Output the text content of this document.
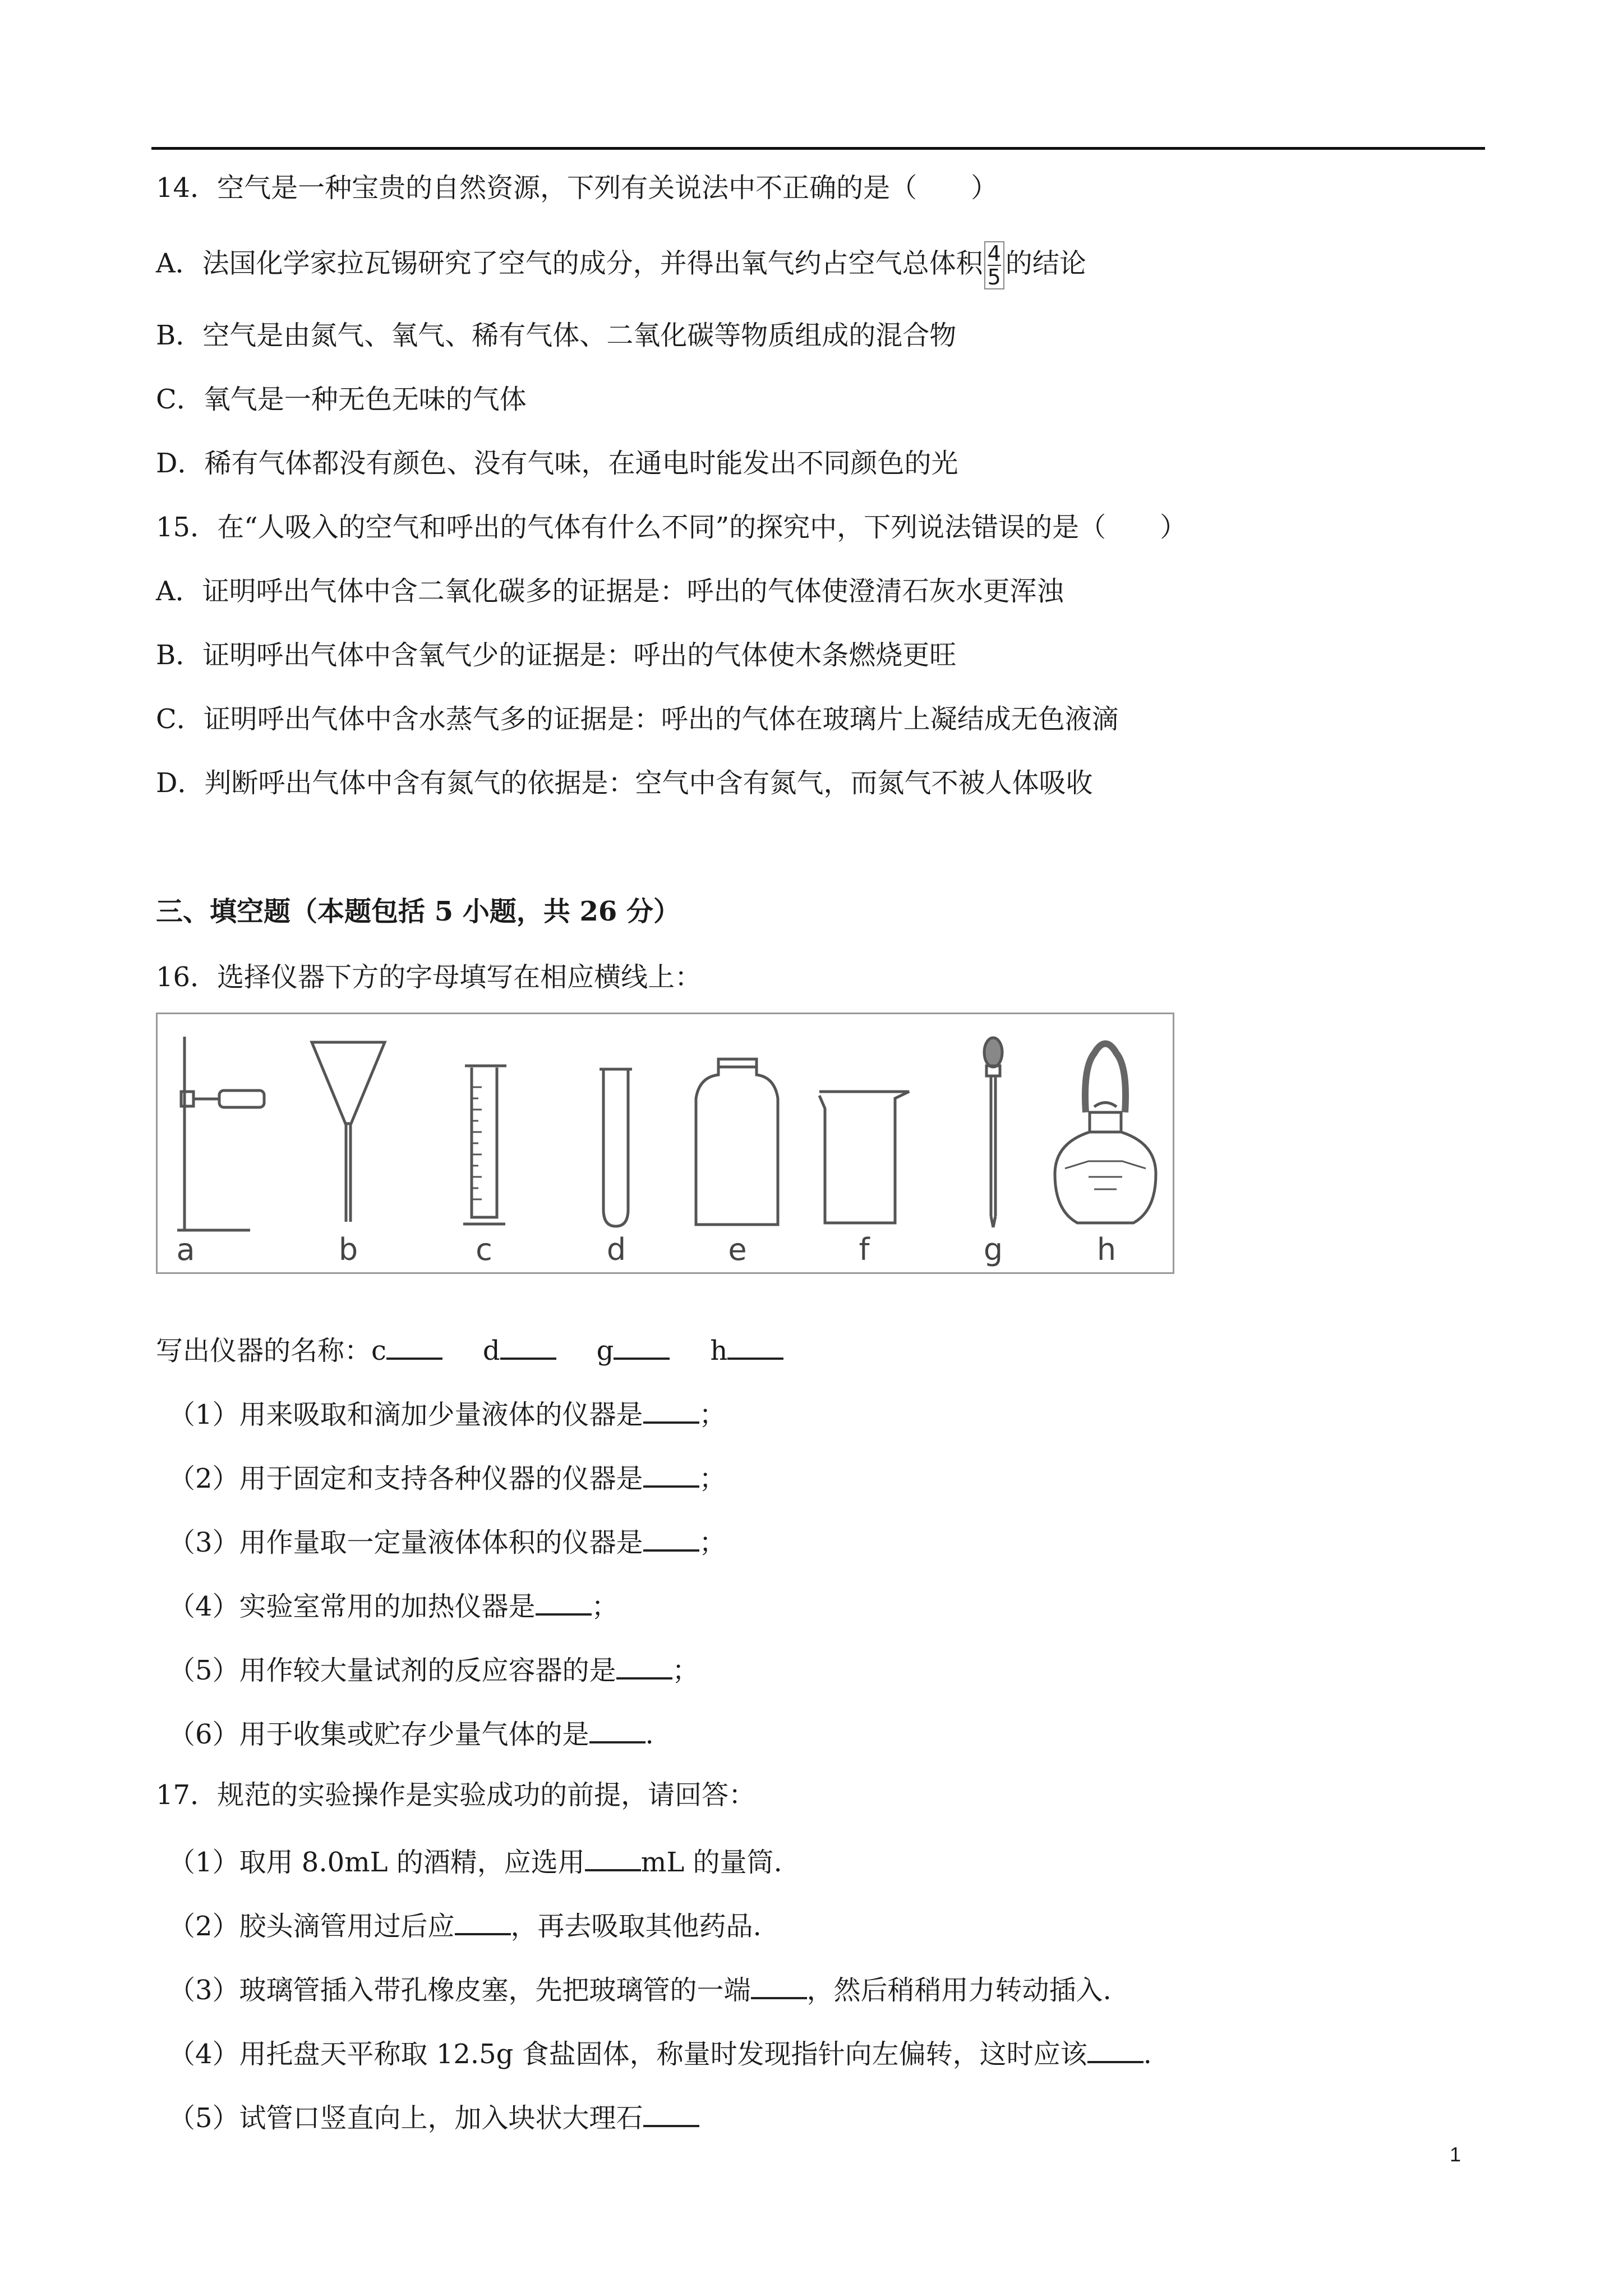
14．空气是一种宝贵的自然资源，下列有关说法中不正确的是（　　）
A．法国化学家拉瓦锡研究了空气的成分，并得出氧气约占空气总体积 $\frac{4}{5}$ 的结论
B．空气是由氮气、氧气、稀有气体、二氧化碳等物质组成的混合物
C．氧气是一种无色无味的气体
D．稀有气体都没有颜色、没有气味，在通电时能发出不同颜色的光
15．在“人吸入的空气和呼出的气体有什么不同”的探究中，下列说法错误的是（　　）
A．证明呼出气体中含二氧化碳多的证据是：呼出的气体使澄清石灰水更浑浊
B．证明呼出气体中含氧气少的证据是：呼出的气体使木条燃烧更旺
C．证明呼出气体中含水蒸气多的证据是：呼出的气体在玻璃片上凝结成无色液滴
D．判断呼出气体中含有氮气的依据是：空气中含有氮气，而氮气不被人体吸收
三、填空题（本题包括 5 小题，共 26 分）
16．选择仪器下方的字母填写在相应横线上：
a	b	c	d	e	f	g	h
写出仪器的名称：c  	d  	g  	h
（1）用来吸取和滴加少量液体的仪器是 ；
（2）用于固定和支持各种仪器的仪器是 ；
（3）用作量取一定量液体体积的仪器是 ；
（4）实验室常用的加热仪器是 ；
（5）用作较大量试剂的反应容器的是 ；
（6）用于收集或贮存少量气体的是 .
17．规范的实验操作是实验成功的前提，请回答：
（1）取用 8.0mL 的酒精，应选用 mL 的量筒.
（2）胶头滴管用过后应 ，再去吸取其他药品.
（3）玻璃管插入带孔橡皮塞，先把玻璃管的一端 ，然后稍稍用力转动插入.
（4）用托盘天平称取 12.5g 食盐固体，称量时发现指针向左偏转，这时应该 .
（5）试管口竖直向上，加入块状大理石
1
